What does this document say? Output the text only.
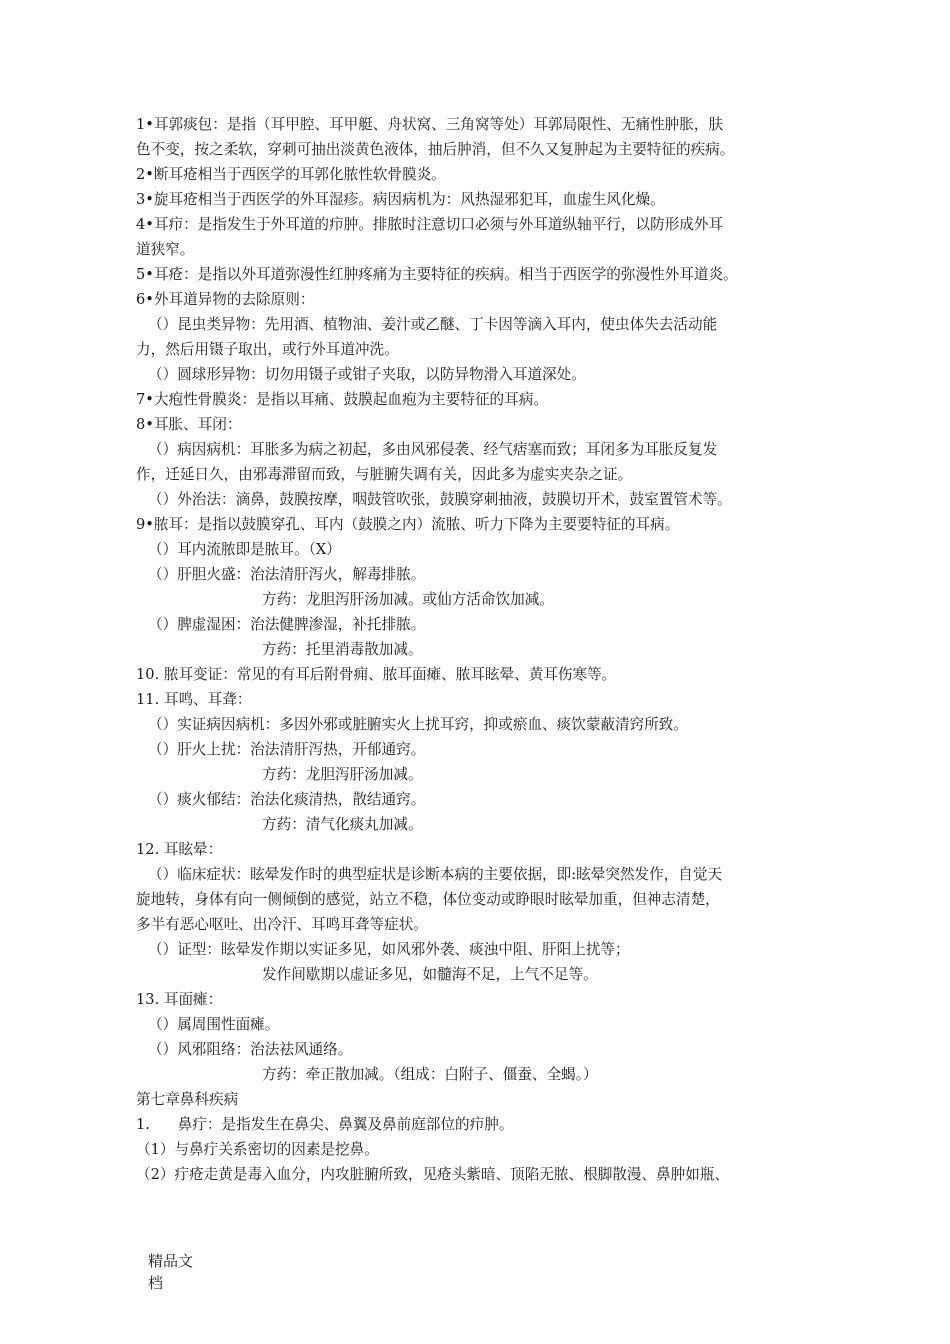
1•耳郭痰包：是指（耳甲腔、耳甲艇、舟状窝、三角窝等处）耳郭局限性、无痛性肿胀，肤
色不变，按之柔软，穿刺可抽出淡黄色液体，抽后肿消，但不久又复肿起为主要特征的疾病。
2•断耳疮相当于西医学的耳郭化脓性软骨膜炎。
3•旋耳疮相当于西医学的外耳湿疹。病因病机为：风热湿邪犯耳，血虚生风化燥。
4•耳疖：是指发生于外耳道的疖肿。排脓时注意切口必须与外耳道纵轴平行，以防形成外耳
道狭窄。
5•耳疮：是指以外耳道弥漫性红肿疼痛为主要特征的疾病。相当于西医学的弥漫性外耳道炎。
6•外耳道异物的去除原则：
（）昆虫类异物：先用酒、植物油、姜汁或乙醚、丁卡因等滴入耳内，使虫体失去活动能
力，然后用镊子取出，或行外耳道冲洗。
（）圆球形异物：切勿用镊子或钳子夹取，以防异物滑入耳道深处。
7•大疱性骨膜炎：是指以耳痛、鼓膜起血疱为主要特征的耳病。
8•耳胀、耳闭：
（）病因病机：耳胀多为病之初起，多由风邪侵袭、经气痞塞而致；耳闭多为耳胀反复发
作，迁延日久，由邪毒滞留而致，与脏腑失调有关，因此多为虚实夹杂之证。
（）外治法：滴鼻，鼓膜按摩，咽鼓管吹张，鼓膜穿刺抽液，鼓膜切开术，鼓室置管术等。
9•脓耳：是指以鼓膜穿孔、耳内（鼓膜之内）流脓、听力下降为主要要特征的耳病。
（）耳内流脓即是脓耳。（X）
（）肝胆火盛：治法清肝泻火，解毒排脓。
方药：龙胆泻肝汤加减。或仙方活命饮加减。
（）脾虚湿困：治法健脾渗湿，补托排脓。
方药：托里消毒散加减。
10. 脓耳变证：常见的有耳后附骨痈、脓耳面瘫、脓耳眩晕、黄耳伤寒等。
11. 耳鸣、耳聋：
（）实证病因病机：多因外邪或脏腑实火上扰耳窍，抑或瘀血、痰饮蒙蔽清窍所致。
（）肝火上扰：治法清肝泻热，开郁通窍。
方药：龙胆泻肝汤加减。
（）痰火郁结：治法化痰清热，散结通窍。
方药：清气化痰丸加减。
12. 耳眩晕：
（）临床症状：眩晕发作时的典型症状是诊断本病的主要依据，即:眩晕突然发作，自觉天
旋地转，身体有向一侧倾倒的感觉，站立不稳，体位变动或睁眼时眩晕加重，但神志清楚，
多半有恶心呕吐、出冷汗、耳鸣耳聋等症状。
（）证型：眩晕发作期以实证多见，如风邪外袭、痰浊中阻、肝阳上扰等；
发作间歇期以虚证多见，如髓海不足，上气不足等。
13. 耳面瘫：
（）属周围性面瘫。
（）风邪阻络：治法祛风通络。
方药：牵正散加减。（组成：白附子、僵蚕、全蝎。）
第七章鼻科疾病
1.      鼻疔：是指发生在鼻尖、鼻翼及鼻前庭部位的疖肿。
（1）与鼻疔关系密切的因素是挖鼻。
（2）疔疮走黄是毒入血分，内攻脏腑所致，见疮头紫暗、顶陷无脓、根脚散漫、鼻肿如瓶、
精品文
档
